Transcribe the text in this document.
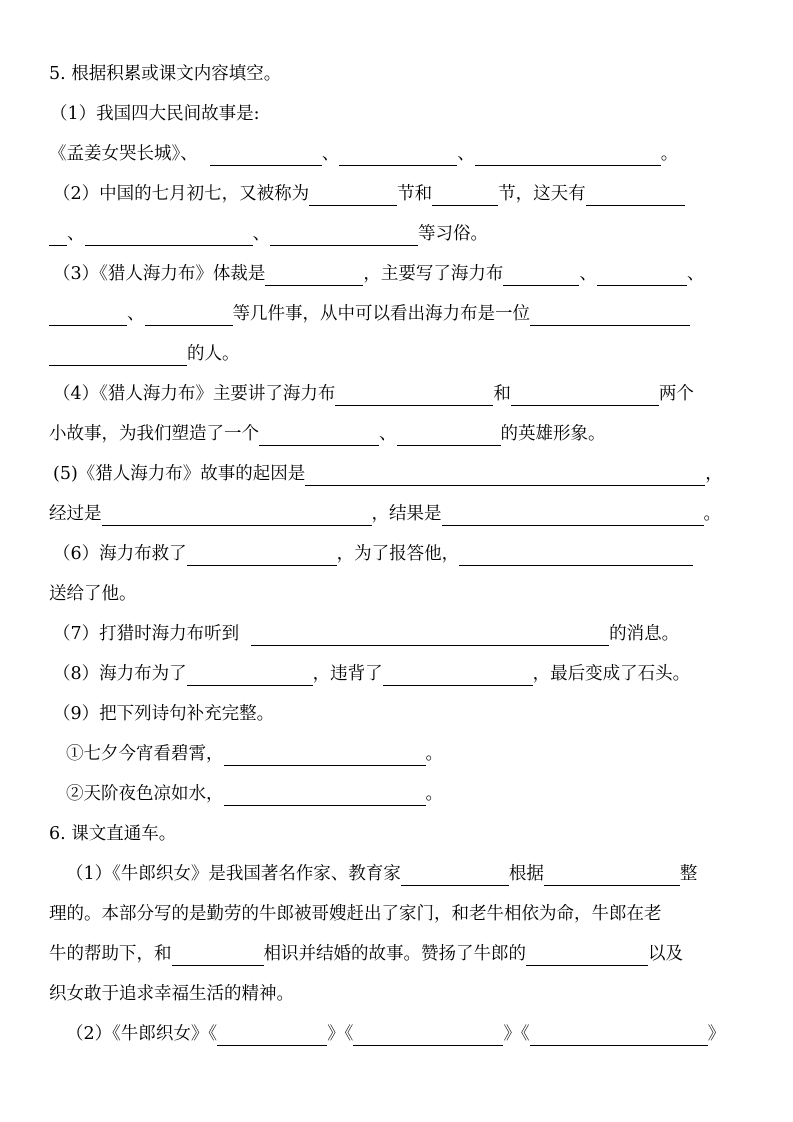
5. 根据积累或课文内容填空。
（1）我国四大民间故事是:
《孟姜女哭长城》、	、	、	。
（2）中国的七月初七，又被称为	节和	节，这天有
、	、	等习俗。
（3）《猎人海力布》体裁是	，主要写了海力布	、	、
、	等几件事，从中可以看出海力布是一位
的人。
（4）《猎人海力布》主要讲了海力布	和	两个
小故事，为我们塑造了一个	、	的英雄形象。
(5)《猎人海力布》故事的起因是	，
经过是	，结果是	。
（6）海力布救了	，为了报答他，
送给了他。
（7）打猎时海力布听到	的消息。
（8）海力布为了	，违背了	，最后变成了石头。
（9）把下列诗句补充完整。
①七夕今宵看碧霄，	。
②天阶夜色凉如水，	。
6. 课文直通车。
（1）《牛郎织女》是我国著名作家、教育家	根据	整
理的。本部分写的是勤劳的牛郎被哥嫂赶出了家门，和老牛相依为命，牛郎在老
牛的帮助下，和	相识并结婚的故事。赞扬了牛郎的	以及
织女敢于追求幸福生活的精神。
（2）《牛郎织女》《	》《	》《	》
